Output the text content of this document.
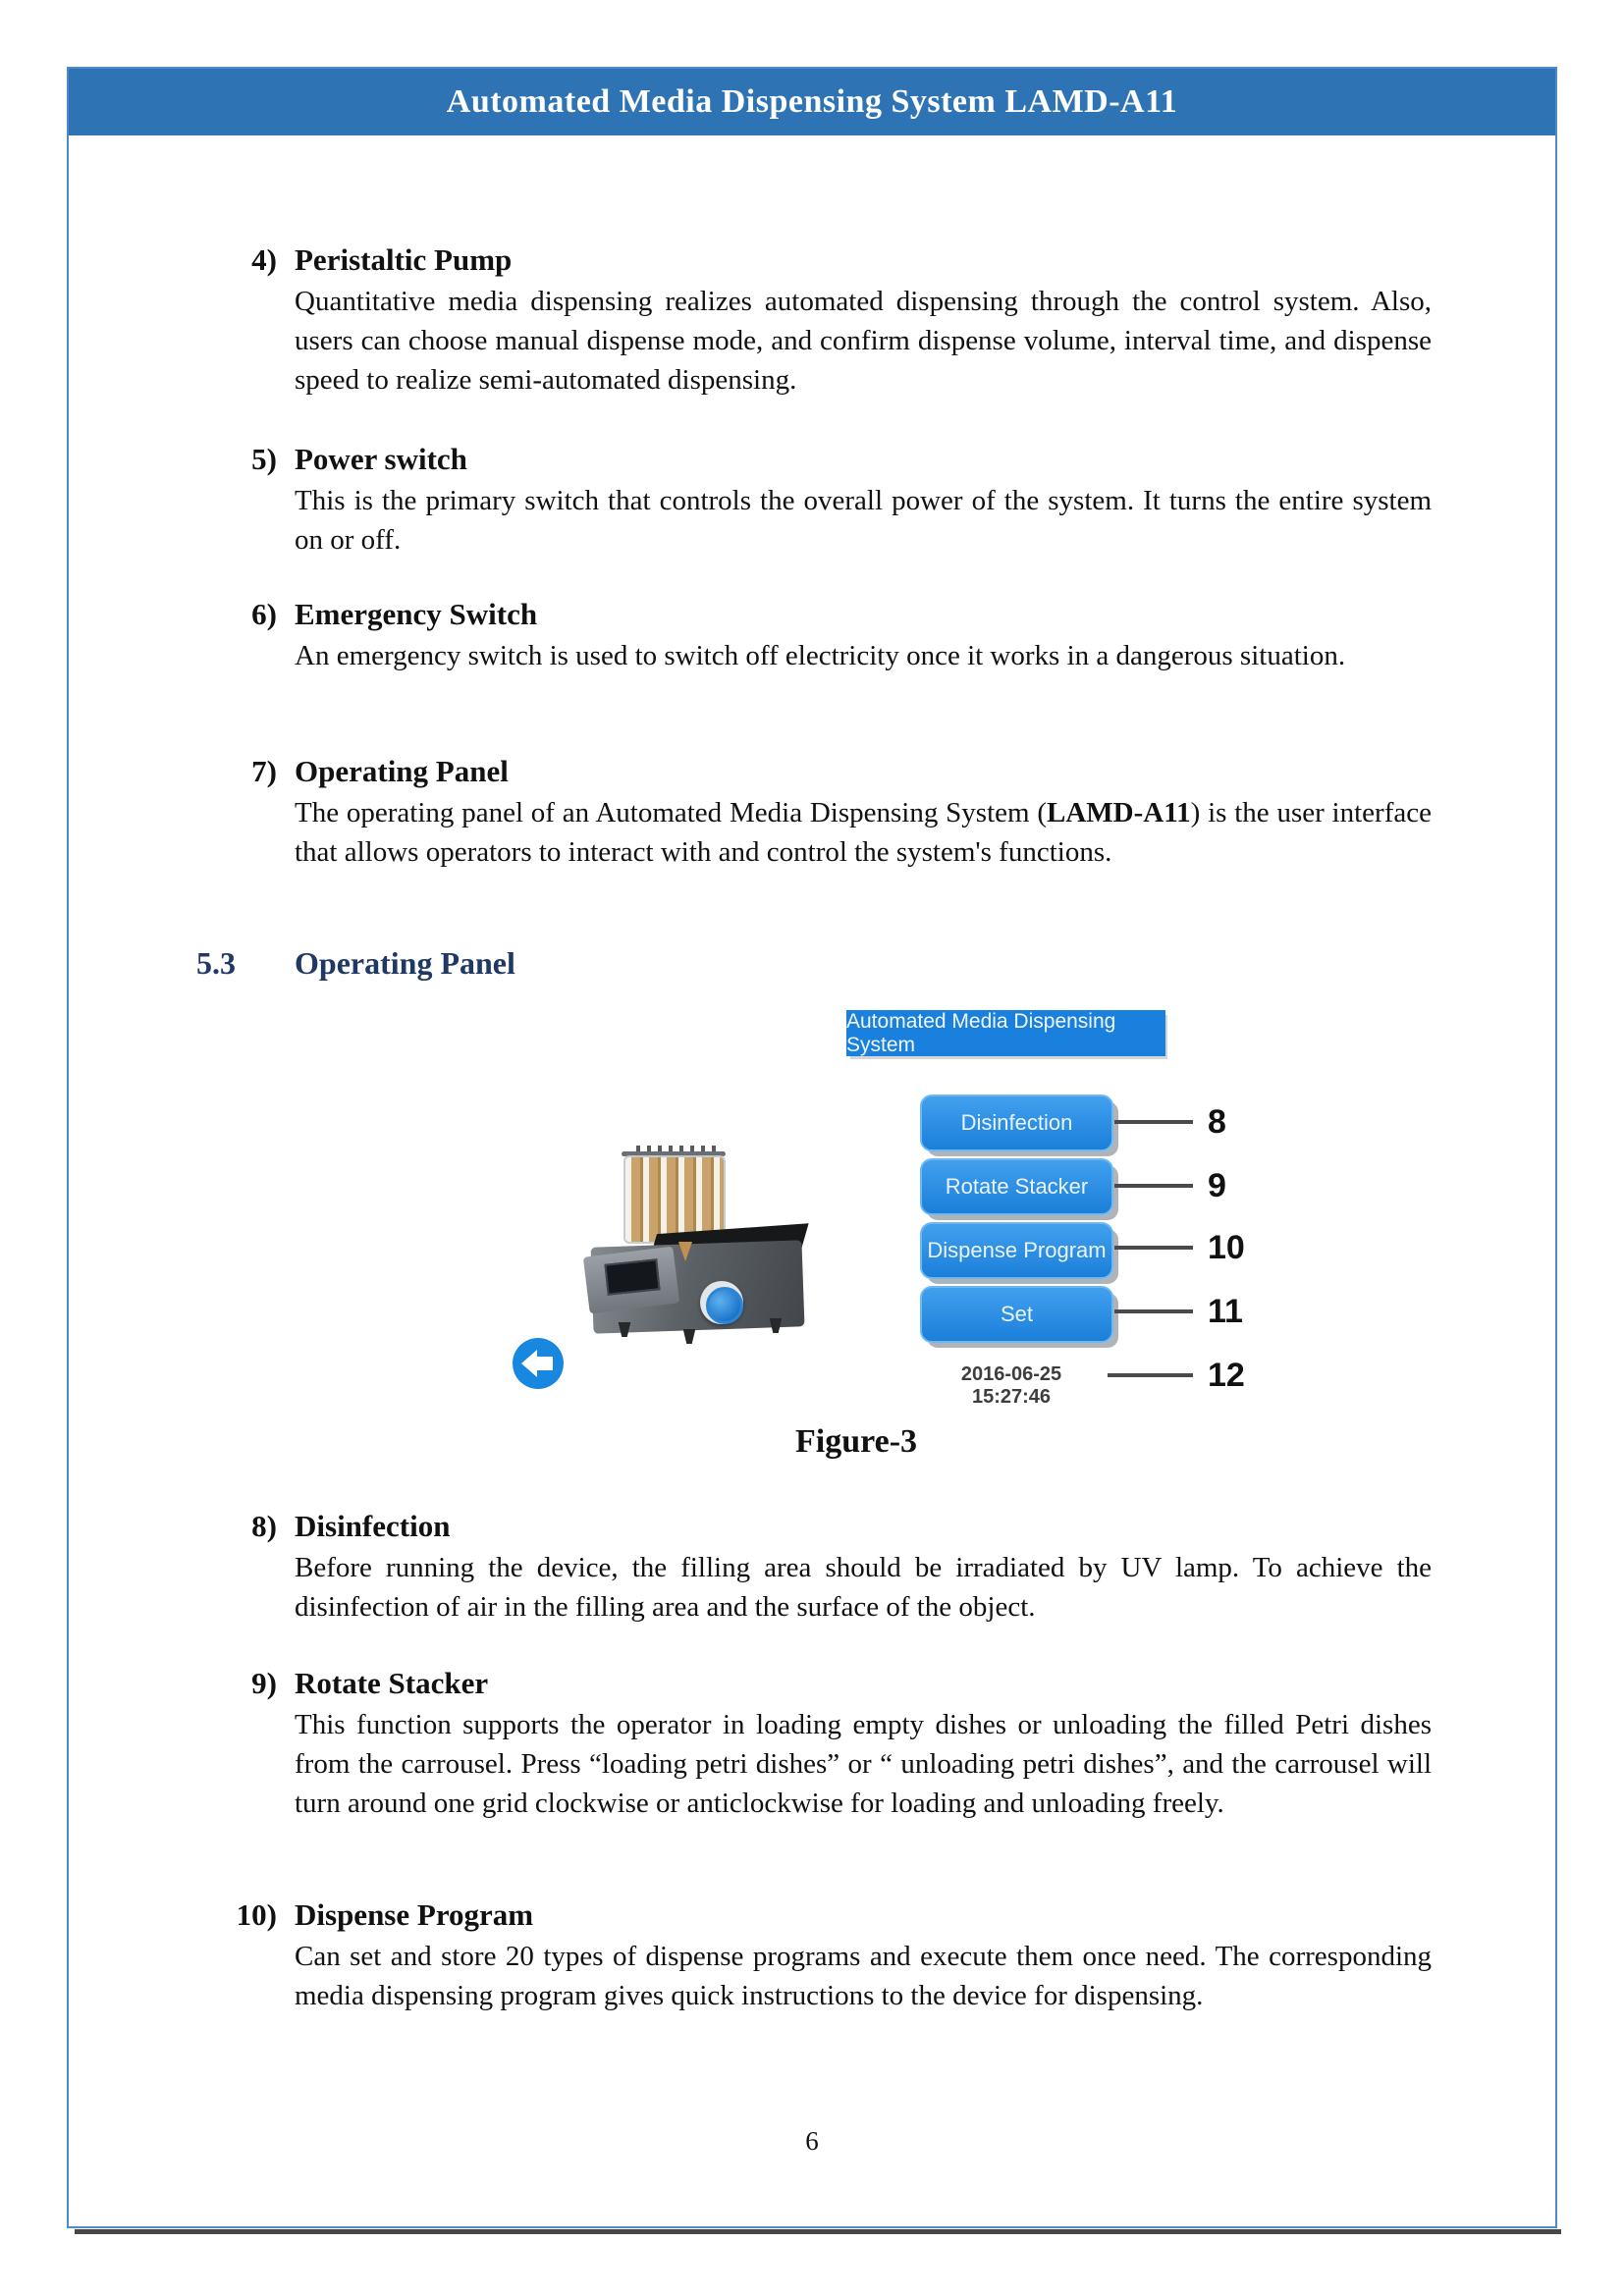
Automated Media Dispensing System LAMD-A11
4) Peristaltic Pump
Quantitative media dispensing realizes automated dispensing through the control system. Also, users can choose manual dispense mode, and confirm dispense volume, interval time, and dispense speed to realize semi-automated dispensing.
5) Power switch
This is the primary switch that controls the overall power of the system. It turns the entire system on or off.
6) Emergency Switch
An emergency switch is used to switch off electricity once it works in a dangerous situation.
7) Operating Panel
The operating panel of an Automated Media Dispensing System (LAMD-A11) is the user interface that allows operators to interact with and control the system's functions.
5.3	Operating Panel
Automated Media Dispensing System
Disinfection	8
Rotate Stacker	9
Dispense Program	10
Set	11
2016-06-25 15:27:46
12
Figure-3
8) Disinfection
Before running the device, the filling area should be irradiated by UV lamp. To achieve the disinfection of air in the filling area and the surface of the object.
9) Rotate Stacker
This function supports the operator in loading empty dishes or unloading the filled Petri dishes from the carrousel. Press “loading petri dishes” or “ unloading petri dishes”, and the carrousel will turn around one grid clockwise or anticlockwise for loading and unloading freely.
10) Dispense Program
Can set and store 20 types of dispense programs and execute them once need. The corresponding media dispensing program gives quick instructions to the device for dispensing.
6
